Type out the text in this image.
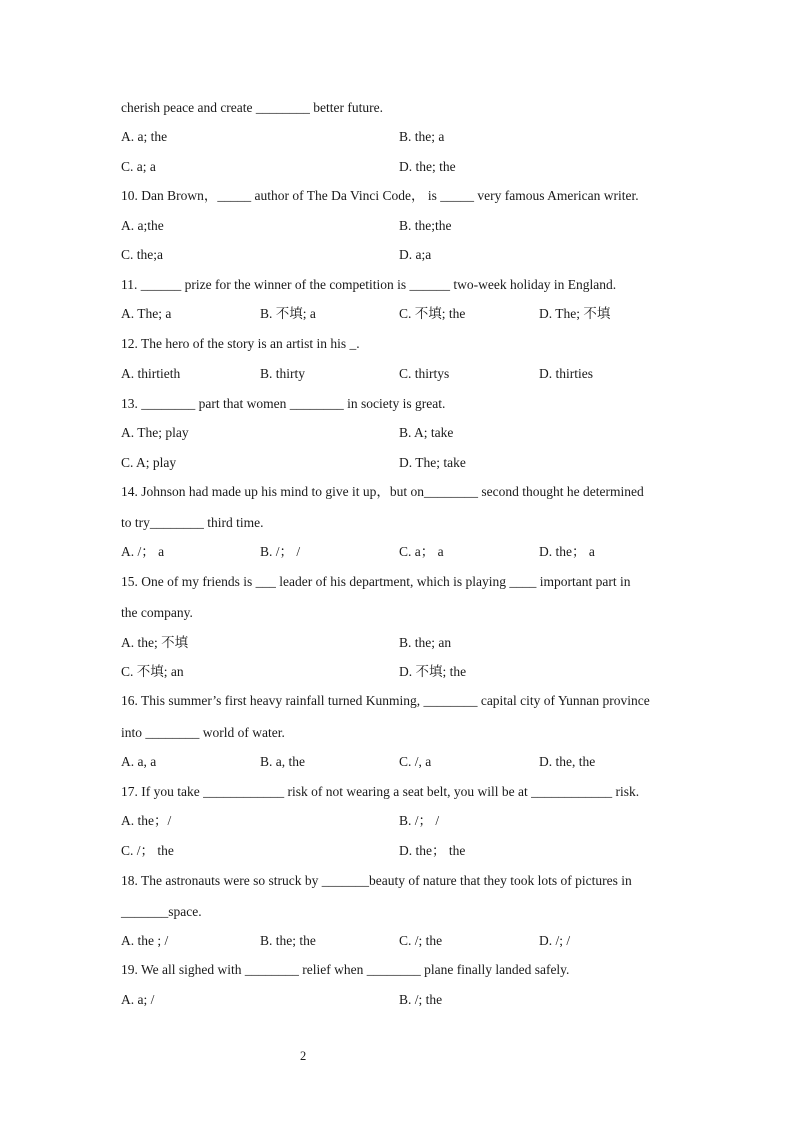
cherish peace and create ________ better future.
A. a; the	B. the; a
C. a; a	D. the; the
10. Dan Brown，_____ author of The Da Vinci Code， is _____ very famous American writer.
A. a;the	B. the;the
C. the;a	D. a;a
11. ______ prize for the winner of the competition is ______ two-week holiday in England.
A. The; a	B. 不填; a	C. 不填; the	D. The; 不填
12. The hero of the story is an artist in his _.
A. thirtieth	B. thirty	C. thirtys	D. thirties
13. ________ part that women ________ in society is great.
A. The; play	B. A; take
C. A; play	D. The; take
14. Johnson had made up his mind to give it up，but on________ second thought he determined
to try________ third time.
A. /； a	B. /； /	C. a； a	D. the； a
15. One of my friends is ___ leader of his department, which is playing ____ important part in
the company.
A. the; 不填	B. the; an
C. 不填; an	D. 不填; the
16. This summer’s first heavy rainfall turned Kunming, ________ capital city of Yunnan province
into ________ world of water.
A. a, a	B. a, the	C. /, a	D. the, the
17. If you take ____________ risk of not wearing a seat belt, you will be at ____________ risk.
A. the；/	B. /； /
C. /； the	D. the； the
18. The astronauts were so struck by _______beauty of nature that they took lots of pictures in
_______space.
A. the ; /	B. the; the	C. /; the	D. /; /
19. We all sighed with ________ relief when ________ plane finally landed safely.
A. a; /	B. /; the
2
